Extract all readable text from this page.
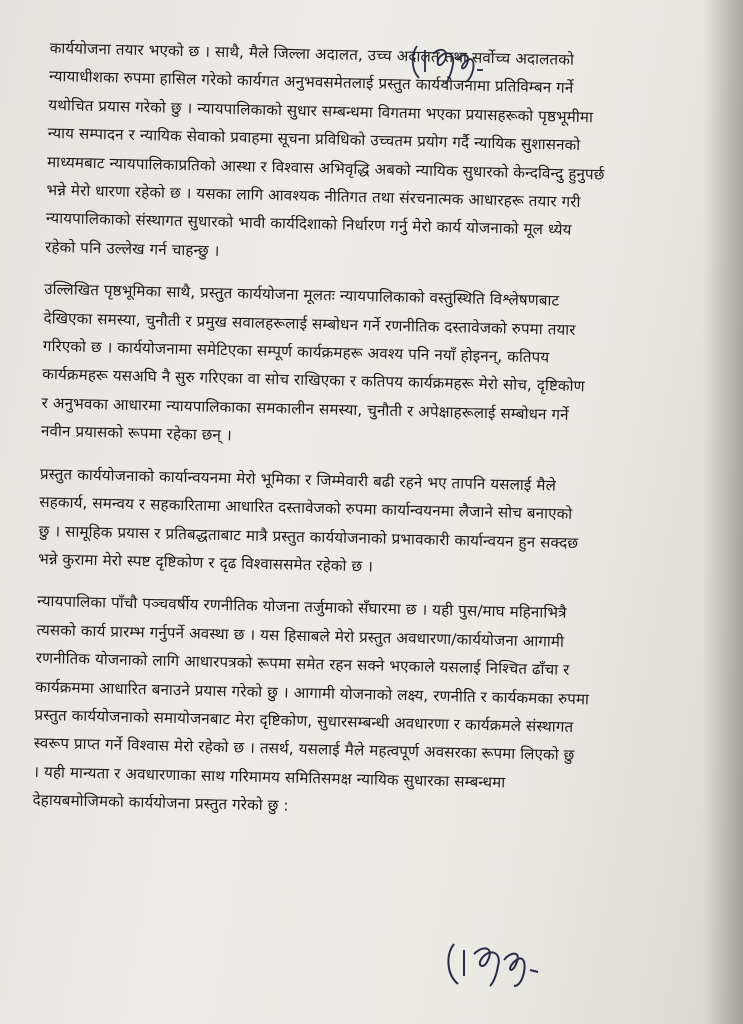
कार्ययोजना तयार भएको छ । साथै, मैले जिल्ला अदालत, उच्च अदालत तथा सर्वोच्च अदालतको
न्यायाधीशका रुपमा हासिल गरेको कार्यगत अनुभवसमेतलाई प्रस्तुत कार्ययोजनामा प्रतिविम्बन गर्ने
यथोचित प्रयास गरेको छु । न्यायपालिकाको सुधार सम्बन्धमा विगतमा भएका प्रयासहरूको पृष्ठभूमीमा
न्याय सम्पादन र न्यायिक सेवाको प्रवाहमा सूचना प्रविधिको उच्चतम प्रयोग गर्दै न्यायिक सुशासनको
माध्यमबाट न्यायपालिकाप्रतिको आस्था र विश्वास अभिवृद्धि अबको न्यायिक सुधारको केन्दविन्दु हुनुपर्छ
भन्ने मेरो धारणा रहेको छ । यसका लागि आवश्यक नीतिगत तथा संरचनात्मक आधारहरू तयार गरी
न्यायपालिकाको संस्थागत सुधारको भावी कार्यदिशाको निर्धारण गर्नु मेरो कार्य योजनाको मूल ध्येय
रहेको पनि उल्लेख गर्न चाहन्छु ।
उल्लिखित पृष्ठभूमिका साथै, प्रस्तुत कार्ययोजना मूलतः न्यायपालिकाको वस्तुस्थिति विश्लेषणबाट
देखिएका समस्या, चुनौती र प्रमुख सवालहरूलाई सम्बोधन गर्ने रणनीतिक दस्तावेजको रुपमा तयार
गरिएको छ । कार्ययोजनामा समेटिएका सम्पूर्ण कार्यक्रमहरू अवश्य पनि नयाँ होइनन्, कतिपय
कार्यक्रमहरू यसअघि नै सुरु गरिएका वा सोच राखिएका र कतिपय कार्यक्रमहरू मेरो सोच, दृष्टिकोण
र अनुभवका आधारमा न्यायपालिकाका समकालीन समस्या, चुनौती र अपेक्षाहरूलाई सम्बोधन गर्ने
नवीन प्रयासको रूपमा रहेका छन् ।
प्रस्तुत कार्ययोजनाको कार्यान्वयनमा मेरो भूमिका र जिम्मेवारी बढी रहने भए तापनि यसलाई मैले
सहकार्य, समन्वय र सहकारितामा आधारित दस्तावेजको रुपमा कार्यान्वयनमा लैजाने सोच बनाएको
छु । सामूहिक प्रयास र प्रतिबद्धताबाट मात्रै प्रस्तुत कार्ययोजनाको प्रभावकारी कार्यान्वयन हुन सक्दछ
भन्ने कुरामा मेरो स्पष्ट दृष्टिकोण र दृढ विश्वाससमेत रहेको छ ।
न्यायपालिका पाँचौ पञ्चवर्षीय रणनीतिक योजना तर्जुमाको सँघारमा छ । यही पुस/माघ महिनाभित्रै
त्यसको कार्य प्रारम्भ गर्नुपर्ने अवस्था छ । यस हिसाबले मेरो प्रस्तुत अवधारणा/कार्ययोजना आगामी
रणनीतिक योजनाको लागि आधारपत्रको रूपमा समेत रहन सक्ने भएकाले यसलाई निश्चित ढाँचा र
कार्यक्रममा आधारित बनाउने प्रयास गरेको छु । आगामी योजनाको लक्ष्य, रणनीति र कार्यकमका रुपमा
प्रस्तुत कार्ययोजनाको समायोजनबाट मेरा दृष्टिकोण, सुधारसम्बन्धी अवधारणा र कार्यक्रमले संस्थागत
स्वरूप प्राप्त गर्ने विश्वास मेरो रहेको छ । तसर्थ, यसलाई मैले महत्वपूर्ण अवसरका रूपमा लिएको छु
। यही मान्यता र अवधारणाका साथ गरिमामय समितिसमक्ष न्यायिक सुधारका सम्बन्धमा
देहायबमोजिमको कार्ययोजना प्रस्तुत गरेको छु :
